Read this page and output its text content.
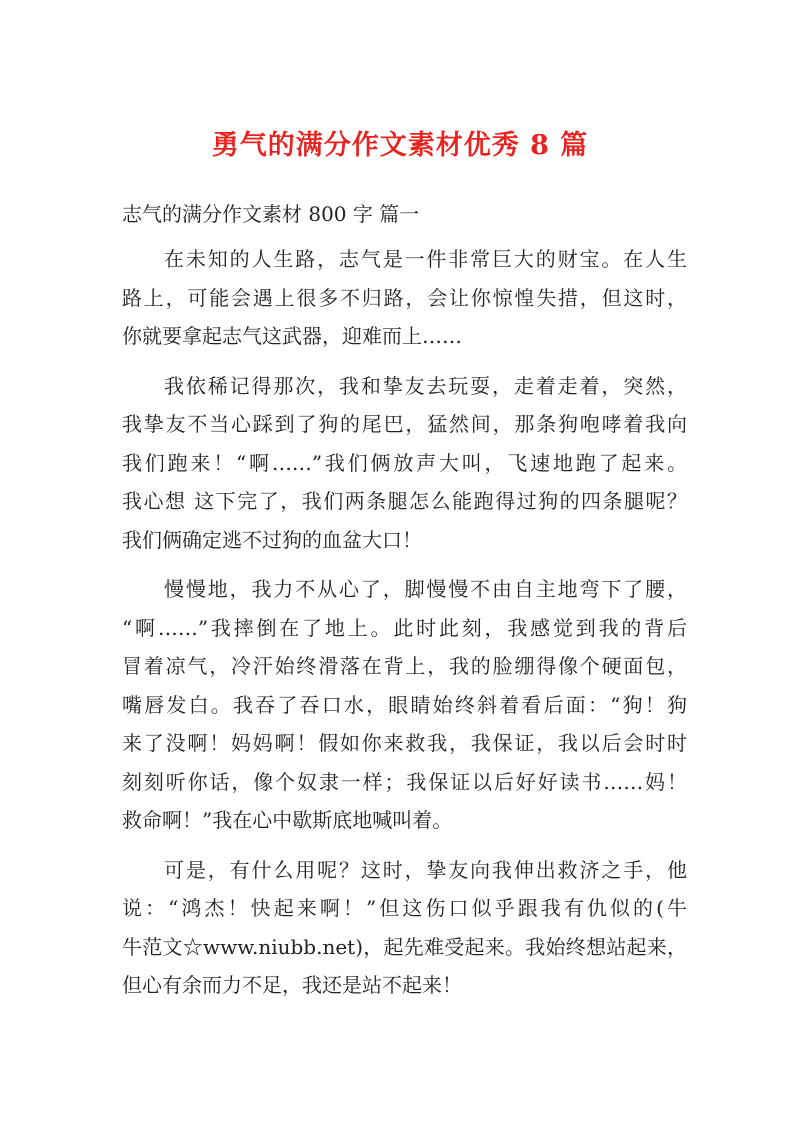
勇气的满分作文素材优秀 8 篇
志气的满分作文素材 800 字 篇一
在未知的人生路，志气是一件非常巨大的财宝。在人生
路上，可能会遇上很多不归路，会让你惊惶失措，但这时，
你就要拿起志气这武器，迎难而上……
我依稀记得那次，我和挚友去玩耍，走着走着，突然，
我挚友不当心踩到了狗的尾巴，猛然间，那条狗咆哮着我向
我们跑来！“啊……”我们俩放声大叫，飞速地跑了起来。
我心想 这下完了，我们两条腿怎么能跑得过狗的四条腿呢？
我们俩确定逃不过狗的血盆大口！
慢慢地，我力不从心了，脚慢慢不由自主地弯下了腰，
“啊……”我摔倒在了地上。此时此刻，我感觉到我的背后
冒着凉气，冷汗始终滑落在背上，我的脸绷得像个硬面包，
嘴唇发白。我吞了吞口水，眼睛始终斜着看后面：“狗！狗
来了没啊！妈妈啊！假如你来救我，我保证，我以后会时时
刻刻听你话，像个奴隶一样；我保证以后好好读书……妈！
救命啊！”我在心中歇斯底地喊叫着。
可是，有什么用呢？这时，挚友向我伸出救济之手，他
说：“鸿杰！快起来啊！”但这伤口似乎跟我有仇似的(牛
牛范文☆www.niubb.net)，起先难受起来。我始终想站起来，
但心有余而力不足，我还是站不起来！
